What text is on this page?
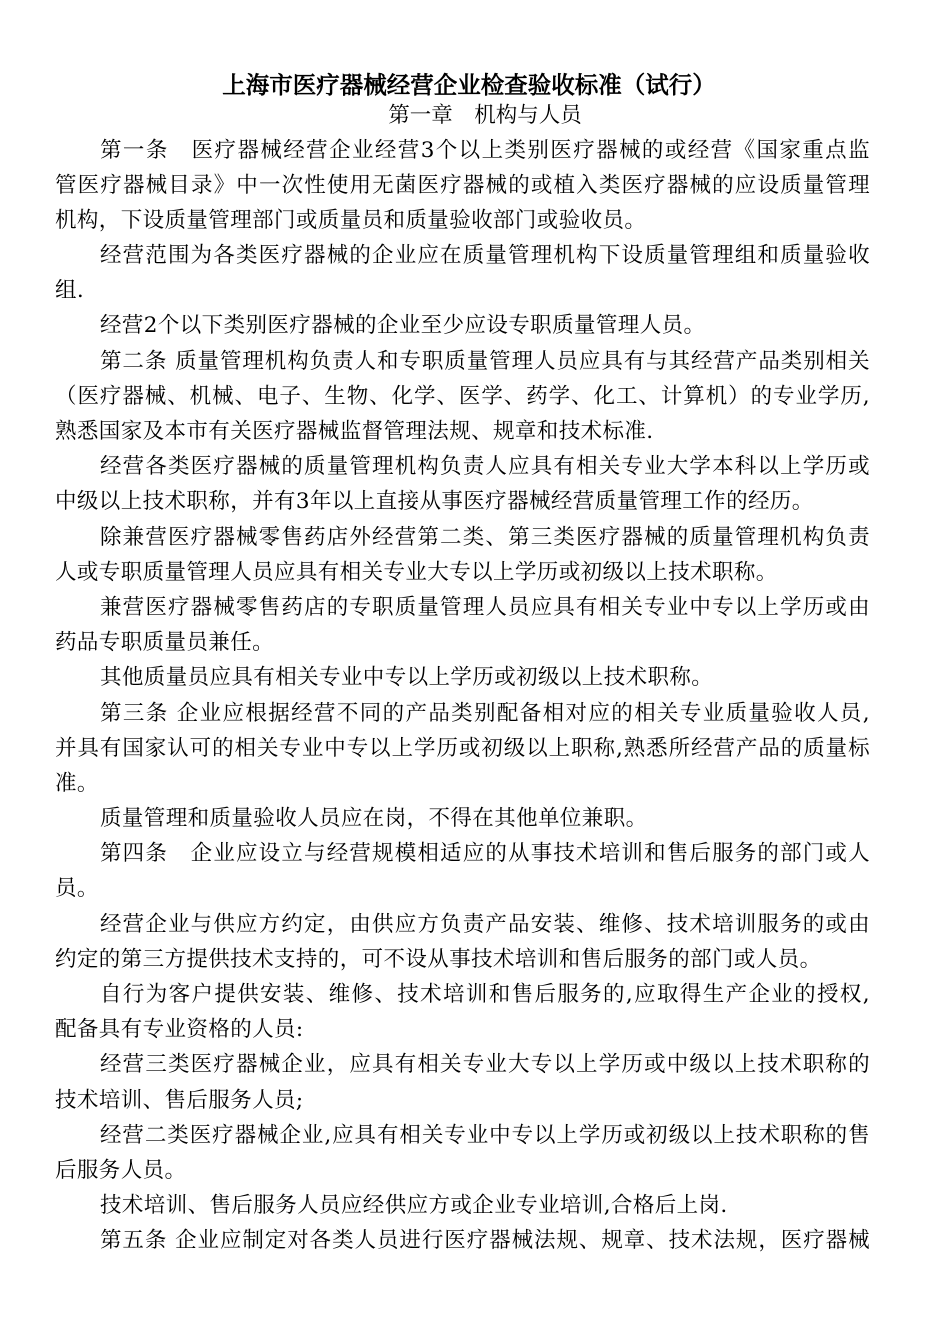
上海市医疗器械经营企业检查验收标准（试行）
第一章　机构与人员
第一条　医疗器械经营企业经营3个以上类别医疗器械的或经营《国家重点监
管医疗器械目录》中一次性使用无菌医疗器械的或植入类医疗器械的应设质量管理
机构，下设质量管理部门或质量员和质量验收部门或验收员。
经营范围为各类医疗器械的企业应在质量管理机构下设质量管理组和质量验收
组.
经营2个以下类别医疗器械的企业至少应设专职质量管理人员。
第二条 质量管理机构负责人和专职质量管理人员应具有与其经营产品类别相关
（医疗器械、机械、电子、生物、化学、医学、药学、化工、计算机）的专业学历,
熟悉国家及本市有关医疗器械监督管理法规、规章和技术标准.
经营各类医疗器械的质量管理机构负责人应具有相关专业大学本科以上学历或
中级以上技术职称，并有3年以上直接从事医疗器械经营质量管理工作的经历。
除兼营医疗器械零售药店外经营第二类、第三类医疗器械的质量管理机构负责
人或专职质量管理人员应具有相关专业大专以上学历或初级以上技术职称。
兼营医疗器械零售药店的专职质量管理人员应具有相关专业中专以上学历或由
药品专职质量员兼任。
其他质量员应具有相关专业中专以上学历或初级以上技术职称。
第三条 企业应根据经营不同的产品类别配备相对应的相关专业质量验收人员,
并具有国家认可的相关专业中专以上学历或初级以上职称,熟悉所经营产品的质量标
准。
质量管理和质量验收人员应在岗，不得在其他单位兼职。
第四条　企业应设立与经营规模相适应的从事技术培训和售后服务的部门或人
员。
经营企业与供应方约定，由供应方负责产品安装、维修、技术培训服务的或由
约定的第三方提供技术支持的，可不设从事技术培训和售后服务的部门或人员。
自行为客户提供安装、维修、技术培训和售后服务的,应取得生产企业的授权,
配备具有专业资格的人员:
经营三类医疗器械企业，应具有相关专业大专以上学历或中级以上技术职称的
技术培训、售后服务人员;
经营二类医疗器械企业,应具有相关专业中专以上学历或初级以上技术职称的售
后服务人员。
技术培训、售后服务人员应经供应方或企业专业培训,合格后上岗.
第五条 企业应制定对各类人员进行医疗器械法规、规章、技术法规，医疗器械
